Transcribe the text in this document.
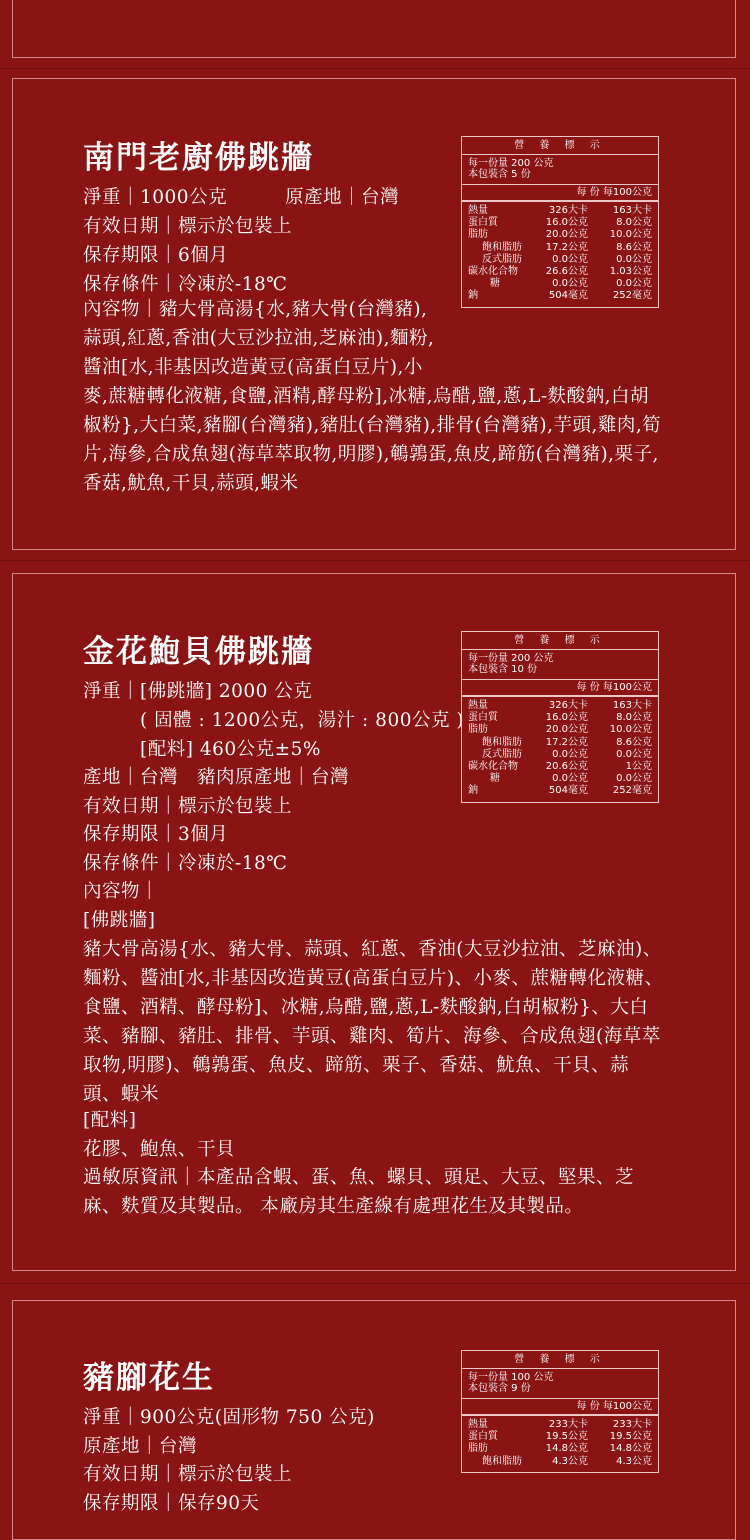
南門老廚佛跳牆
淨重｜1000公克	原產地｜台灣
有效日期｜標示於包裝上
保存期限｜6個月
保存條件｜冷凍於-18℃

內容物｜豬大骨高湯{水,豬大骨(台灣豬),蒜頭,紅蔥,香油(大豆沙拉油,芝麻油),麵粉,醬油[水,非基因改造黃豆(高蛋白豆片),小麥,蔗糖轉化液糖,食鹽,酒精,酵母粉],冰糖,烏醋,鹽,蔥,L-麩酸鈉,白胡椒粉},大白菜,豬腳(台灣豬),豬肚(台灣豬),排骨(台灣豬),芋頭,雞肉,筍片,海參,合成魚翅(海草萃取物,明膠),鵪鶉蛋,魚皮,蹄筋(台灣豬),栗子,香菇,魷魚,干貝,蒜頭,蝦米

營 養 標 示
每一份量 200 公克
本包裝含 5 份
每 份 每100公克
熱量	326大卡	163大卡
蛋白質	16.0公克	8.0公克
脂肪	20.0公克	10.0公克
飽和脂肪	17.2公克	8.6公克
反式脂肪	0.0公克	0.0公克
碳水化合物	26.6公克	1.03公克
糖	0.0公克	0.0公克
鈉	504毫克	252毫克
金花鮑貝佛跳牆
淨重｜[佛跳牆] 2000 公克
( 固體 : 1200公克，湯汁 : 800公克 )
[配料] 460公克±5%
產地｜台灣　豬肉原產地｜台灣
有效日期｜標示於包裝上
保存期限｜3個月
保存條件｜冷凍於-18℃
內容物｜
[佛跳牆]

豬大骨高湯{水、豬大骨、蒜頭、紅蔥、香油(大豆沙拉油、芝麻油)、麵粉、醬油[水,非基因改造黃豆(高蛋白豆片)、小麥、蔗糖轉化液糖、食鹽、酒精、酵母粉]、冰糖,烏醋,鹽,蔥,L-麩酸鈉,白胡椒粉}、大白菜、豬腳、豬肚、排骨、芋頭、雞肉、筍片、海參、合成魚翅(海草萃取物,明膠)、鵪鶉蛋、魚皮、蹄筋、栗子、香菇、魷魚、干貝、蒜頭、蝦米

[配料]
花膠、鮑魚、干貝

過敏原資訊｜本產品含蝦、蛋、魚、螺貝、頭足、大豆、堅果、芝麻、麩質及其製品。 本廠房其生產線有處理花生及其製品。

營 養 標 示
每一份量 200 公克
本包裝含 10 份
每 份 每100公克
熱量	326大卡	163大卡
蛋白質	16.0公克	8.0公克
脂肪	20.0公克	10.0公克
飽和脂肪	17.2公克	8.6公克
反式脂肪	0.0公克	0.0公克
碳水化合物	20.6公克	1公克
糖	0.0公克	0.0公克
鈉	504毫克	252毫克
豬腳花生
淨重｜900公克(固形物 750 公克)
原產地｜台灣
有效日期｜標示於包裝上
保存期限｜保存90天
營 養 標 示
每一份量 100 公克
本包裝含 9 份
每 份 每100公克
熱量	233大卡	233大卡
蛋白質	19.5公克	19.5公克
脂肪	14.8公克	14.8公克
飽和脂肪	4.3公克	4.3公克
